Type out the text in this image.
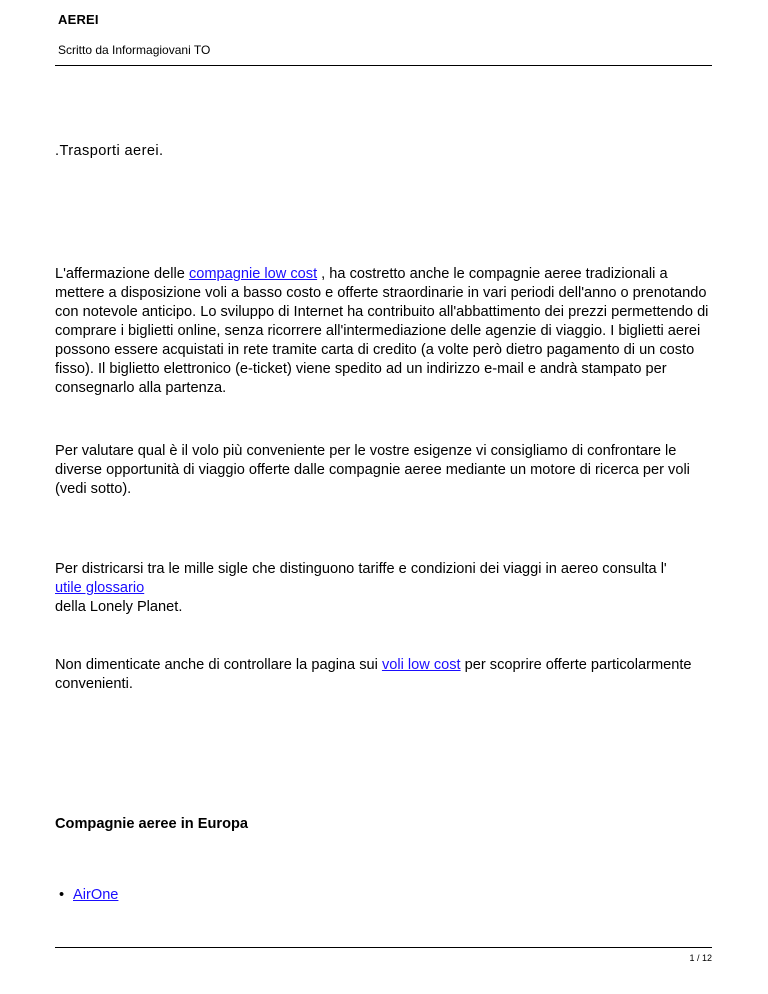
AEREI
Scritto da Informagiovani TO

.Trasporti aerei.

L'affermazione delle compagnie low cost , ha costretto anche le compagnie aeree tradizionali a mettere a disposizione voli a basso costo e offerte straordinarie in vari periodi dell'anno o prenotando con notevole anticipo. Lo sviluppo di Internet ha contribuito all'abbattimento dei prezzi permettendo di comprare i biglietti online, senza ricorrere all'intermediazione delle agenzie di viaggio. I biglietti aerei possono essere acquistati in rete tramite carta di credito (a volte però dietro pagamento di un costo fisso). Il biglietto elettronico (e-ticket) viene spedito ad un indirizzo e-mail e andrà stampato per consegnarlo alla partenza.

Per valutare qual è il volo più conveniente per le vostre esigenze vi consigliamo di confrontare le diverse opportunità di viaggio offerte dalle compagnie aeree mediante un motore di ricerca per voli (vedi sotto).

Per districarsi tra le mille sigle che distinguono tariffe e condizioni dei viaggi in aereo consulta l'
utile glossario
della Lonely Planet.

Non dimenticate anche di controllare la pagina sui voli low cost per scoprire offerte particolarmente convenienti.

Compagnie aeree in Europa

• AirOne
1 / 12
